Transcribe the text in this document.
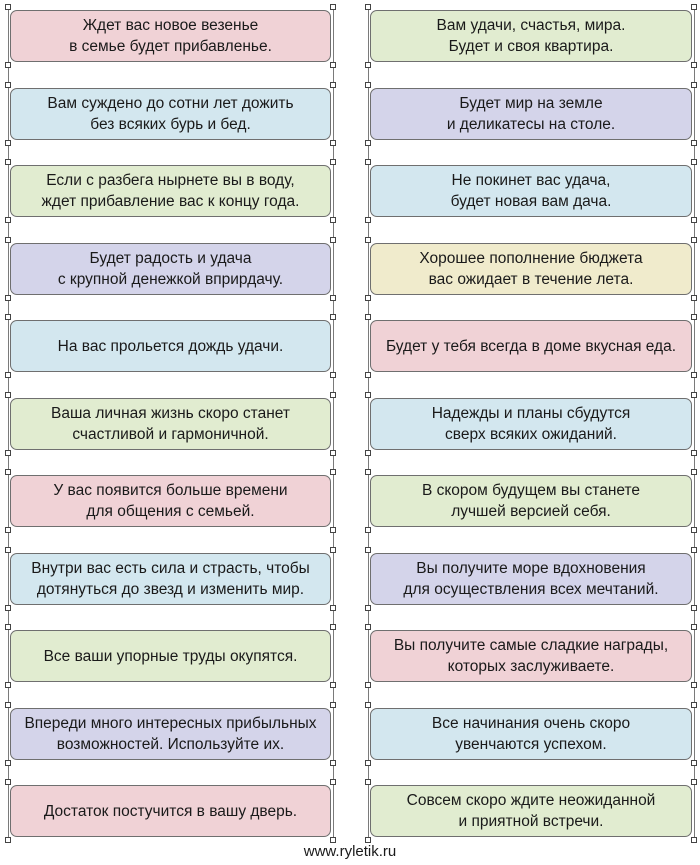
Ждет вас новое везенье
в семье будет прибавленье.
Вам удачи, счастья, мира.
Будет и своя квартира.
Вам суждено до сотни лет дожить
без всяких бурь и бед.
Будет мир на земле
и деликатесы на столе.
Если с разбега нырнете вы в воду,
ждет прибавление вас к концу года.
Не покинет вас удача,
будет новая вам дача.
Будет радость и удача
с крупной денежкой вприрдачу.
Хорошее пополнение бюджета
вас ожидает в течение лета.
На вас прольется дождь удачи.	Будет у тебя всегда в доме вкусная еда.
Ваша личная жизнь скоро станет
счастливой и гармоничной.
Надежды и планы сбудутся
сверх всяких ожиданий.
У вас появится больше времени
для общения с семьей.
В скором будущем вы станете
лучшей версией себя.
Внутри вас есть сила и страсть, чтобы
дотянуться до звезд и изменить мир.
Вы получите море вдохновения
для осуществления всех мечтаний.
Все ваши упорные труды окупятся.
Вы получите самые сладкие награды,
которых заслуживаете.
Впереди много интересных прибыльных
возможностей. Используйте их.
Все начинания очень скоро
увенчаются успехом.
Достаток постучится в вашу дверь.
Совсем скоро ждите неожиданной
и приятной встречи.
www.ryletik.ru
